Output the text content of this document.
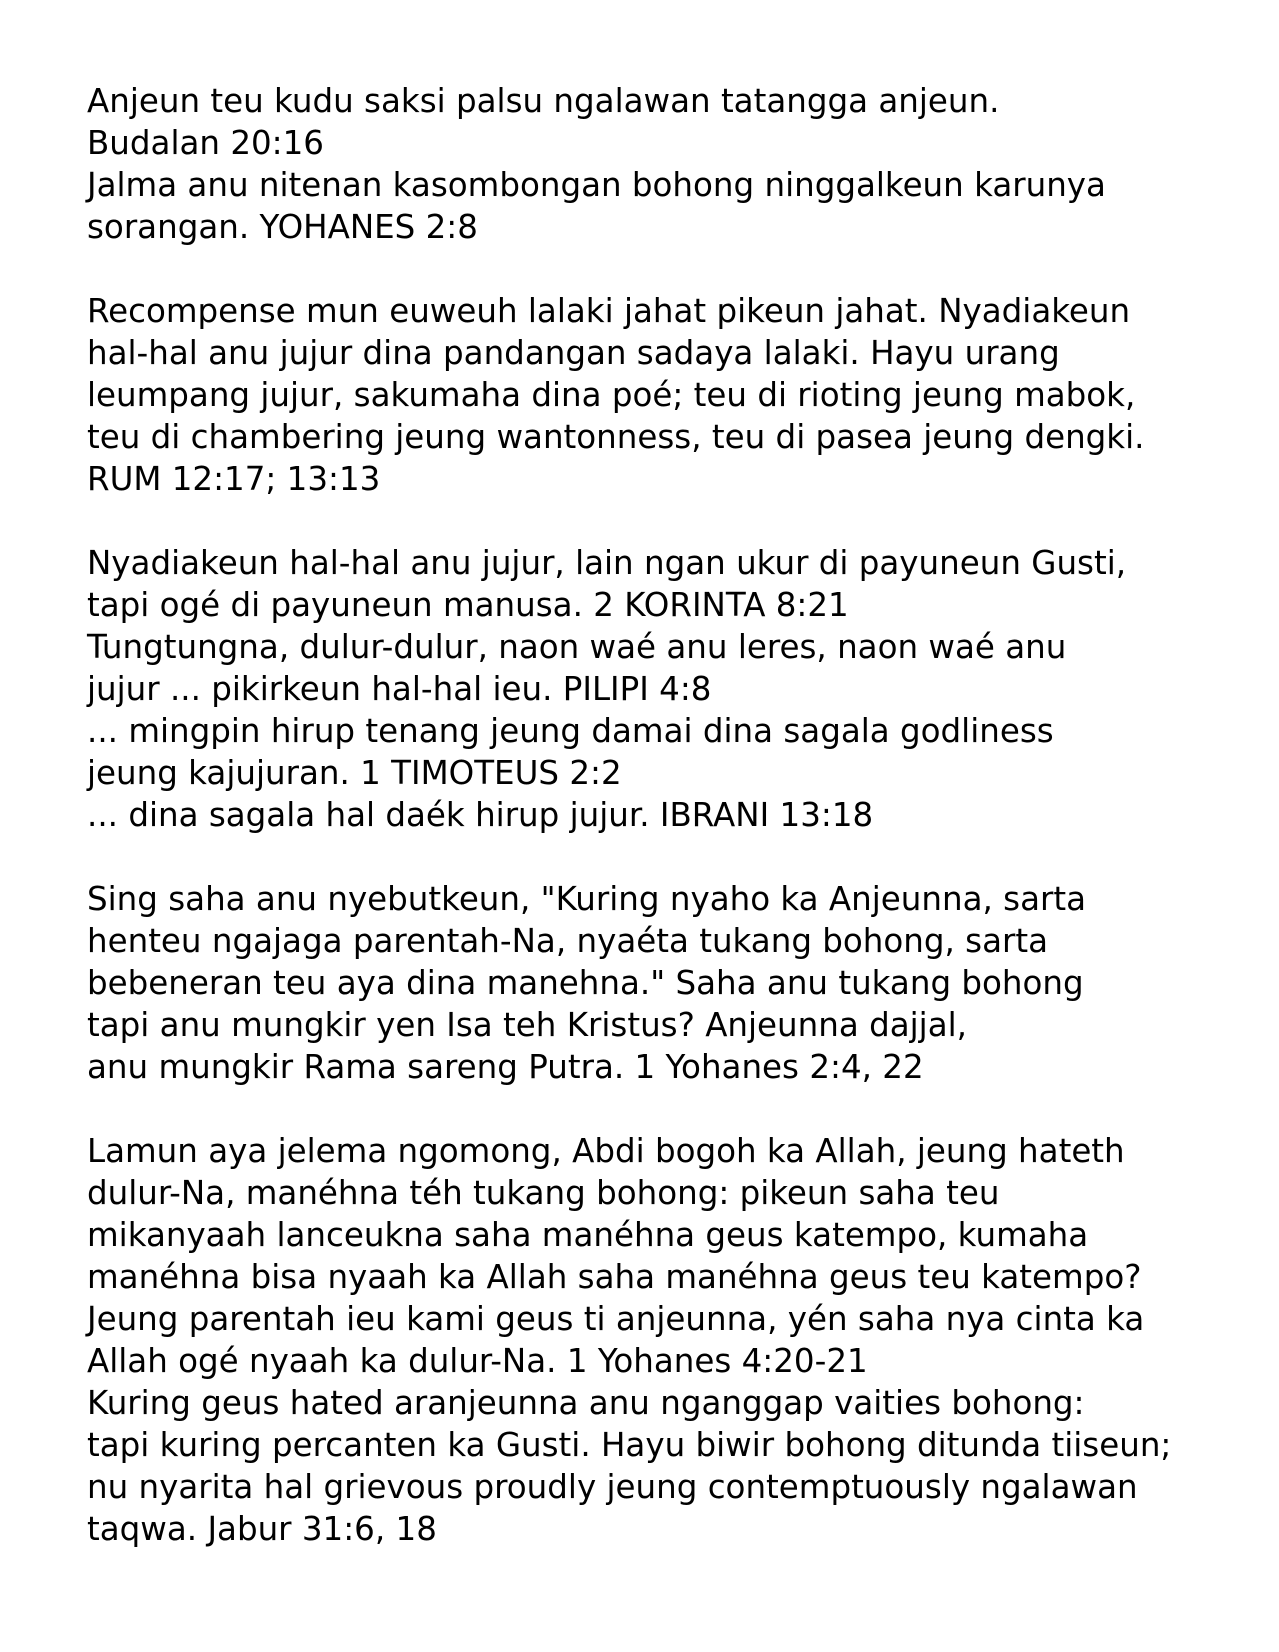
Anjeun teu kudu saksi palsu ngalawan tatangga anjeun.
Budalan 20:16
Jalma anu nitenan kasombongan bohong ninggalkeun karunya
sorangan. YOHANES 2:8
Recompense mun euweuh lalaki jahat pikeun jahat. Nyadiakeun
hal-hal anu jujur dina pandangan sadaya lalaki. Hayu urang
leumpang jujur, sakumaha dina poé; teu di rioting jeung mabok,
teu di chambering jeung wantonness, teu di pasea jeung dengki.
RUM 12:17; 13:13
Nyadiakeun hal-hal anu jujur, lain ngan ukur di payuneun Gusti,
tapi ogé di payuneun manusa. 2 KORINTA 8:21
Tungtungna, dulur-dulur, naon waé anu leres, naon waé anu
jujur ... pikirkeun hal-hal ieu. PILIPI 4:8
... mingpin hirup tenang jeung damai dina sagala godliness
jeung kajujuran. 1 TIMOTEUS 2:2
... dina sagala hal daék hirup jujur. IBRANI 13:18
Sing saha anu nyebutkeun, "Kuring nyaho ka Anjeunna, sarta
henteu ngajaga parentah-Na, nyaéta tukang bohong, sarta
bebeneran teu aya dina manehna." Saha anu tukang bohong
tapi anu mungkir yen Isa teh Kristus? Anjeunna dajjal,
anu mungkir Rama sareng Putra. 1 Yohanes 2:4, 22
Lamun aya jelema ngomong, Abdi bogoh ka Allah, jeung hateth
dulur-Na, manéhna téh tukang bohong: pikeun saha teu
mikanyaah lanceukna saha manéhna geus katempo, kumaha
manéhna bisa nyaah ka Allah saha manéhna geus teu katempo?
Jeung parentah ieu kami geus ti anjeunna, yén saha nya cinta ka
Allah ogé nyaah ka dulur-Na. 1 Yohanes 4:20-21
Kuring geus hated aranjeunna anu nganggap vaities bohong:
tapi kuring percanten ka Gusti. Hayu biwir bohong ditunda tiiseun;
nu nyarita hal grievous proudly jeung contemptuously ngalawan
taqwa. Jabur 31:6, 18
